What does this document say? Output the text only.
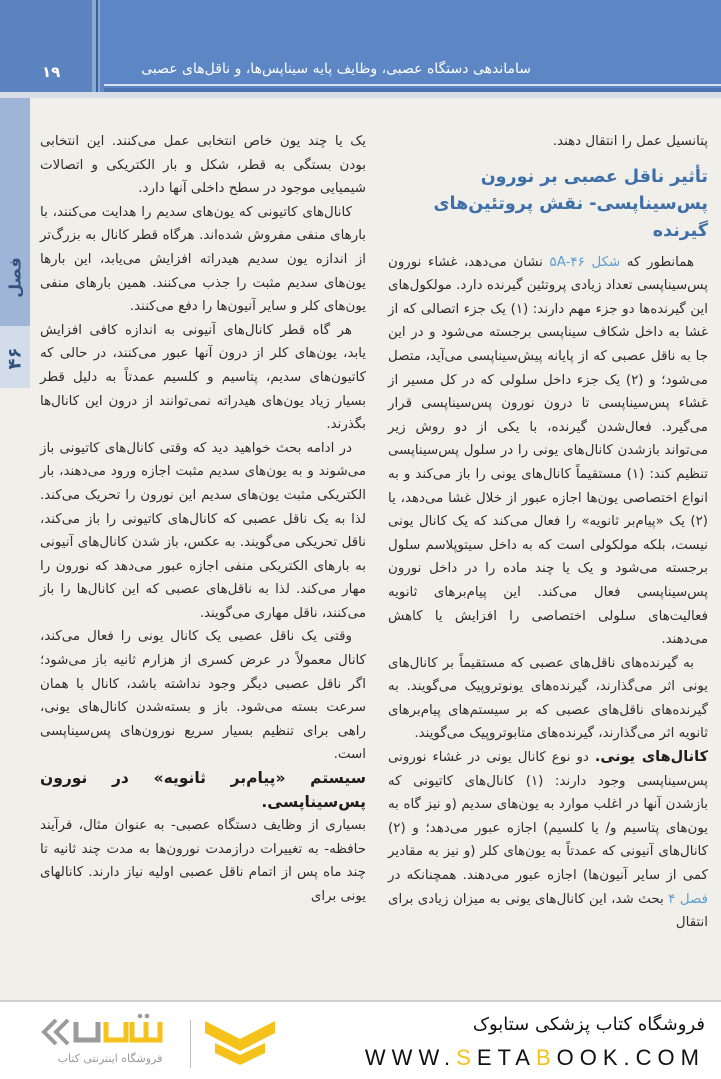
۱۹	ساماندهی دستگاه عصبی، وظایف پایه سیناپس‌ها، و ناقل‌های عصبی
فصل
۴۶

پتانسیل عمل را انتقال دهند.

تأثیر ناقل عصبی بر نورون پس‌سیناپسی- نقش پروتئین‌های گیرنده

همانطور که شکل ۵A-۴۶ نشان می‌دهد، غشاء نورون پس‌سیناپسی تعداد زیادی پروتئین گیرنده دارد. مولکول‌های این گیرنده‌ها دو جزء مهم دارند: (۱) یک جزء اتصالی که از غشا به داخل شکاف سیناپسی برجسته می‌شود و در این جا به ناقل عصبی که از پایانه پیش‌سیناپسی می‌آید، متصل می‌شود؛ و (۲) یک جزء داخل سلولی که در کل مسیر از غشاء پس‌سیناپسی تا درون نورون پس‌سیناپسی قرار می‌گیرد. فعال‌شدن گیرنده، با یکی از دو روش زیر می‌تواند بازشدن کانال‌های یونی را در سلول پس‌سیناپسی تنظیم کند: (۱) مستقیماً کانال‌های یونی را باز می‌کند و به انواع اختصاصی یون‌ها اجازه عبور از خلال غشا می‌دهد، یا (۲) یک «پیام‌بر ثانویه» را فعال می‌کند که یک کانال یونی نیست، بلکه مولکولی است که به داخل سیتوپلاسم سلول برجسته می‌شود و یک یا چند ماده را در داخل نورون پس‌سیناپسی فعال می‌کند. این پیام‌برهای ثانویه فعالیت‌های سلولی اختصاصی را افزایش یا کاهش می‌دهند.

به گیرنده‌های ناقل‌های عصبی که مستقیماً بر کانال‌های یونی اثر می‌گذارند، گیرنده‌های یونوتروپیک می‌گویند. به گیرنده‌های ناقل‌های عصبی که بر سیستم‌های پیام‌برهای ثانویه اثر می‌گذارند، گیرنده‌های متابوتروپیک می‌گویند.

کانال‌های یونی. دو نوع کانال یونی در غشاء نورونی پس‌سیناپسی وجود دارند: (۱) کانال‌های کاتیونی که بازشدن آنها در اغلب موارد به یون‌های سدیم (و نیز گاه به یون‌های پتاسیم و/ یا کلسیم) اجازه عبور می‌دهد؛ و (۲) کانال‌های آنیونی که عمدتاً به یون‌های کلر (و نیز به مقادیر کمی از سایر آنیون‌ها) اجازه عبور می‌دهند. همچنانکه در فصل ۴ بحث شد، این کانال‌های یونی به میزان زیادی برای انتقال

یک یا چند یون خاص انتخابی عمل می‌کنند. این انتخابی بودن بستگی به قطر، شکل و بار الکتریکی و اتصالات شیمیایی موجود در سطح داخلی آنها دارد.

کانال‌های کاتیونی که یون‌های سدیم را هدایت می‌کنند، با بارهای منفی مفروش شده‌اند. هرگاه قطر کانال به بزرگ‌تر از اندازه یون سدیم هیدراته افزایش می‌یابد، این بارها یون‌های سدیم مثبت را جذب می‌کنند. همین بارهای منفی یون‌های کلر و سایر آنیون‌ها را دفع می‌کنند.

هر گاه قطر کانال‌های آنیونی به اندازه کافی افزایش یابد، یون‌های کلر از درون آنها عبور می‌کنند، در حالی که کاتیون‌های سدیم، پتاسیم و کلسیم عمدتاً به دلیل قطر بسیار زیاد یون‌های هیدراته نمی‌توانند از درون این کانال‌ها بگذرند.

در ادامه بحث خواهید دید که وقتی کانال‌های کاتیونی باز می‌شوند و به یون‌های سدیم مثبت اجازه ورود می‌دهند، بار الکتریکی مثبت یون‌های سدیم این نورون را تحریک می‌کند. لذا به یک ناقل عصبی که کانال‌های کاتیونی را باز می‌کند، ناقل تحریکی می‌گویند. به عکس، باز شدن کانال‌های آنیونی به بارهای الکتریکی منفی اجازه عبور می‌دهد که نورون را مهار می‌کند. لذا به ناقل‌های عصبی که این کانال‌ها را باز می‌کنند، ناقل مهاری می‌گویند.

وقتی یک ناقل عصبی یک کانال یونی را فعال می‌کند، کانال معمولاً در عرض کسری از هزارم ثانیه باز می‌شود؛ اگر ناقل عصبی دیگر وجود نداشته باشد، کانال با همان سرعت بسته می‌شود. باز و بسته‌شدن کانال‌های یونی، راهی برای تنظیم بسیار سریع نورون‌های پس‌سیناپسی است.

سیستم «پیام‌بر ثانویه» در نورون پس‌سیناپسی.

بسیاری از وظایف دستگاه عصبی- به عنوان مثال، فرآیند حافظه- به تغییرات درازمدت نورون‌ها به مدت چند ثانیه تا چند ماه پس از اتمام ناقل عصبی اولیه نیاز دارند. کانالهای یونی برای

فروشگاه اینترنتی کتاب
فروشگاه کتاب پزشکی ستابوک
WWW.SETABOOK.COM
